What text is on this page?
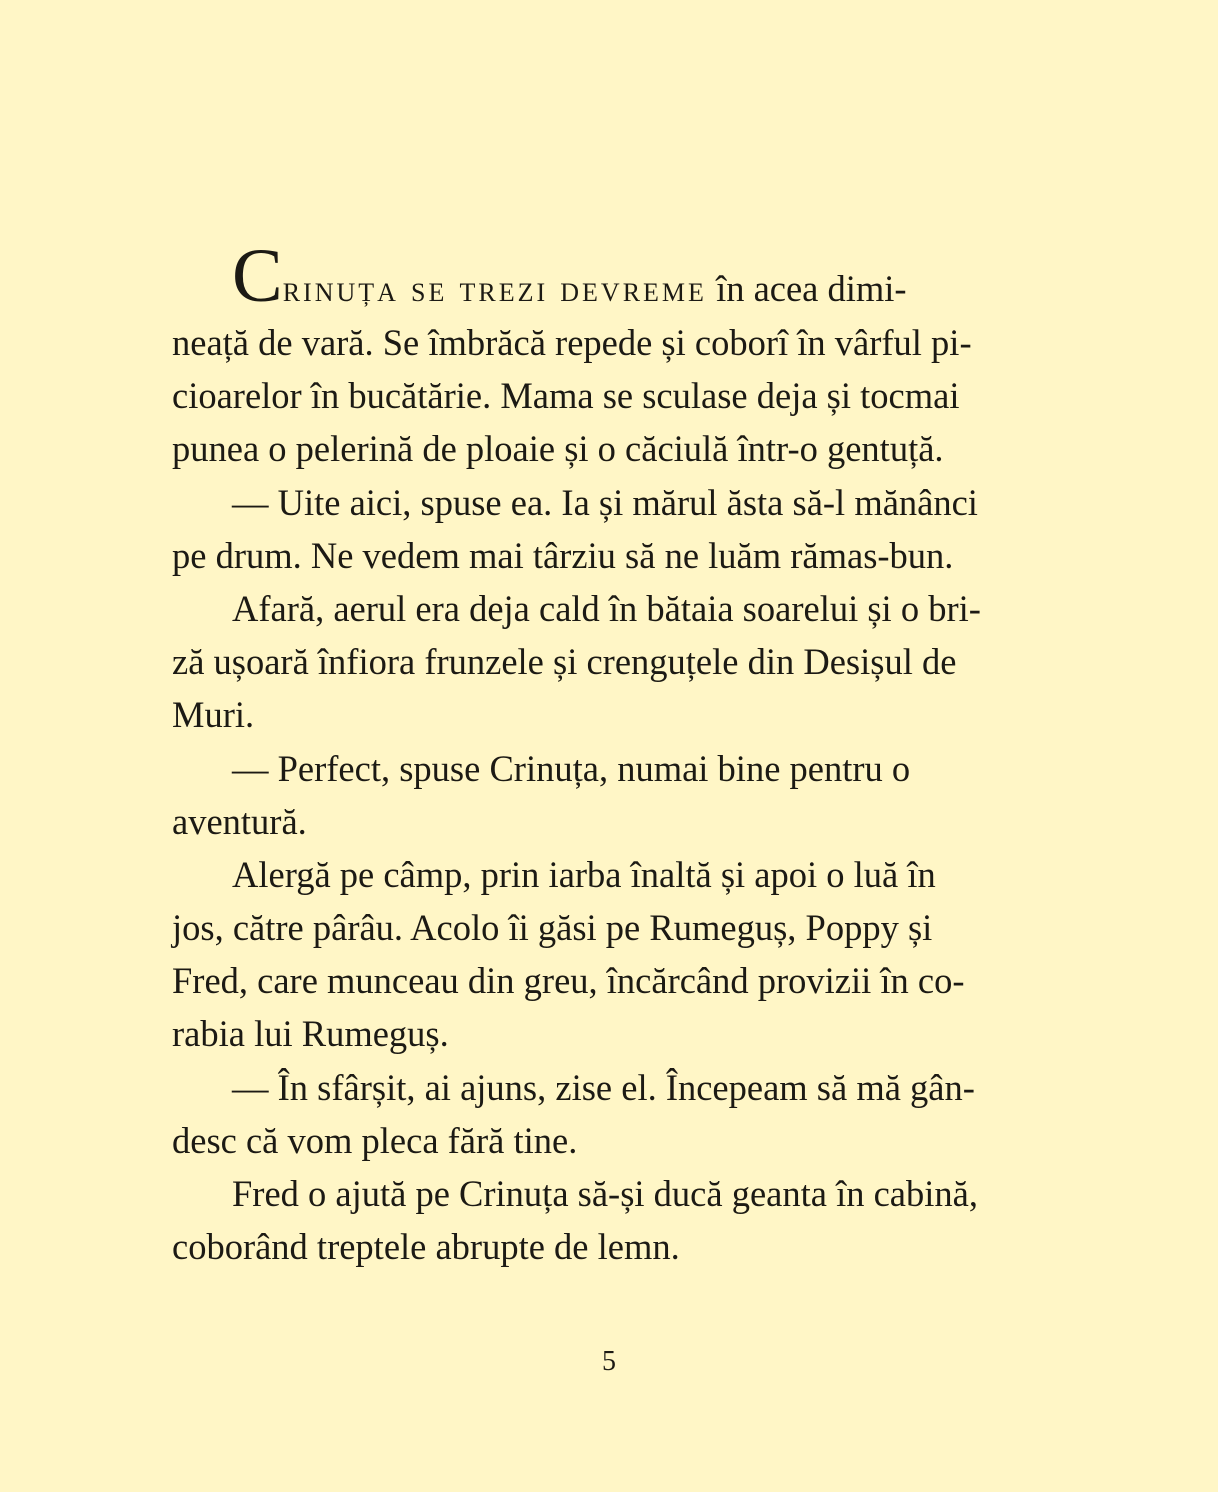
Crinuța se trezi devreme în acea dimi-
neață de vară. Se îmbrăcă repede și coborî în vârful pi-
cioarelor în bucătărie. Mama se sculase deja și tocmai
punea o pelerină de ploaie și o căciulă într-o gentuță.
— Uite aici, spuse ea. Ia și mărul ăsta să-l mănânci
pe drum. Ne vedem mai târziu să ne luăm rămas-bun.
Afară, aerul era deja cald în bătaia soarelui și o bri-
ză ușoară înfiora frunzele și crenguțele din Desișul de
Muri.
— Perfect, spuse Crinuța, numai bine pentru o
aventură.
Alergă pe câmp, prin iarba înaltă și apoi o luă în
jos, către pârâu. Acolo îi găsi pe Rumeguș, Poppy și
Fred, care munceau din greu, încărcând provizii în co-
rabia lui Rumeguș.
— În sfârșit, ai ajuns, zise el. Începeam să mă gân-
desc că vom pleca fără tine.
Fred o ajută pe Crinuța să-și ducă geanta în cabină,
coborând treptele abrupte de lemn.
5
